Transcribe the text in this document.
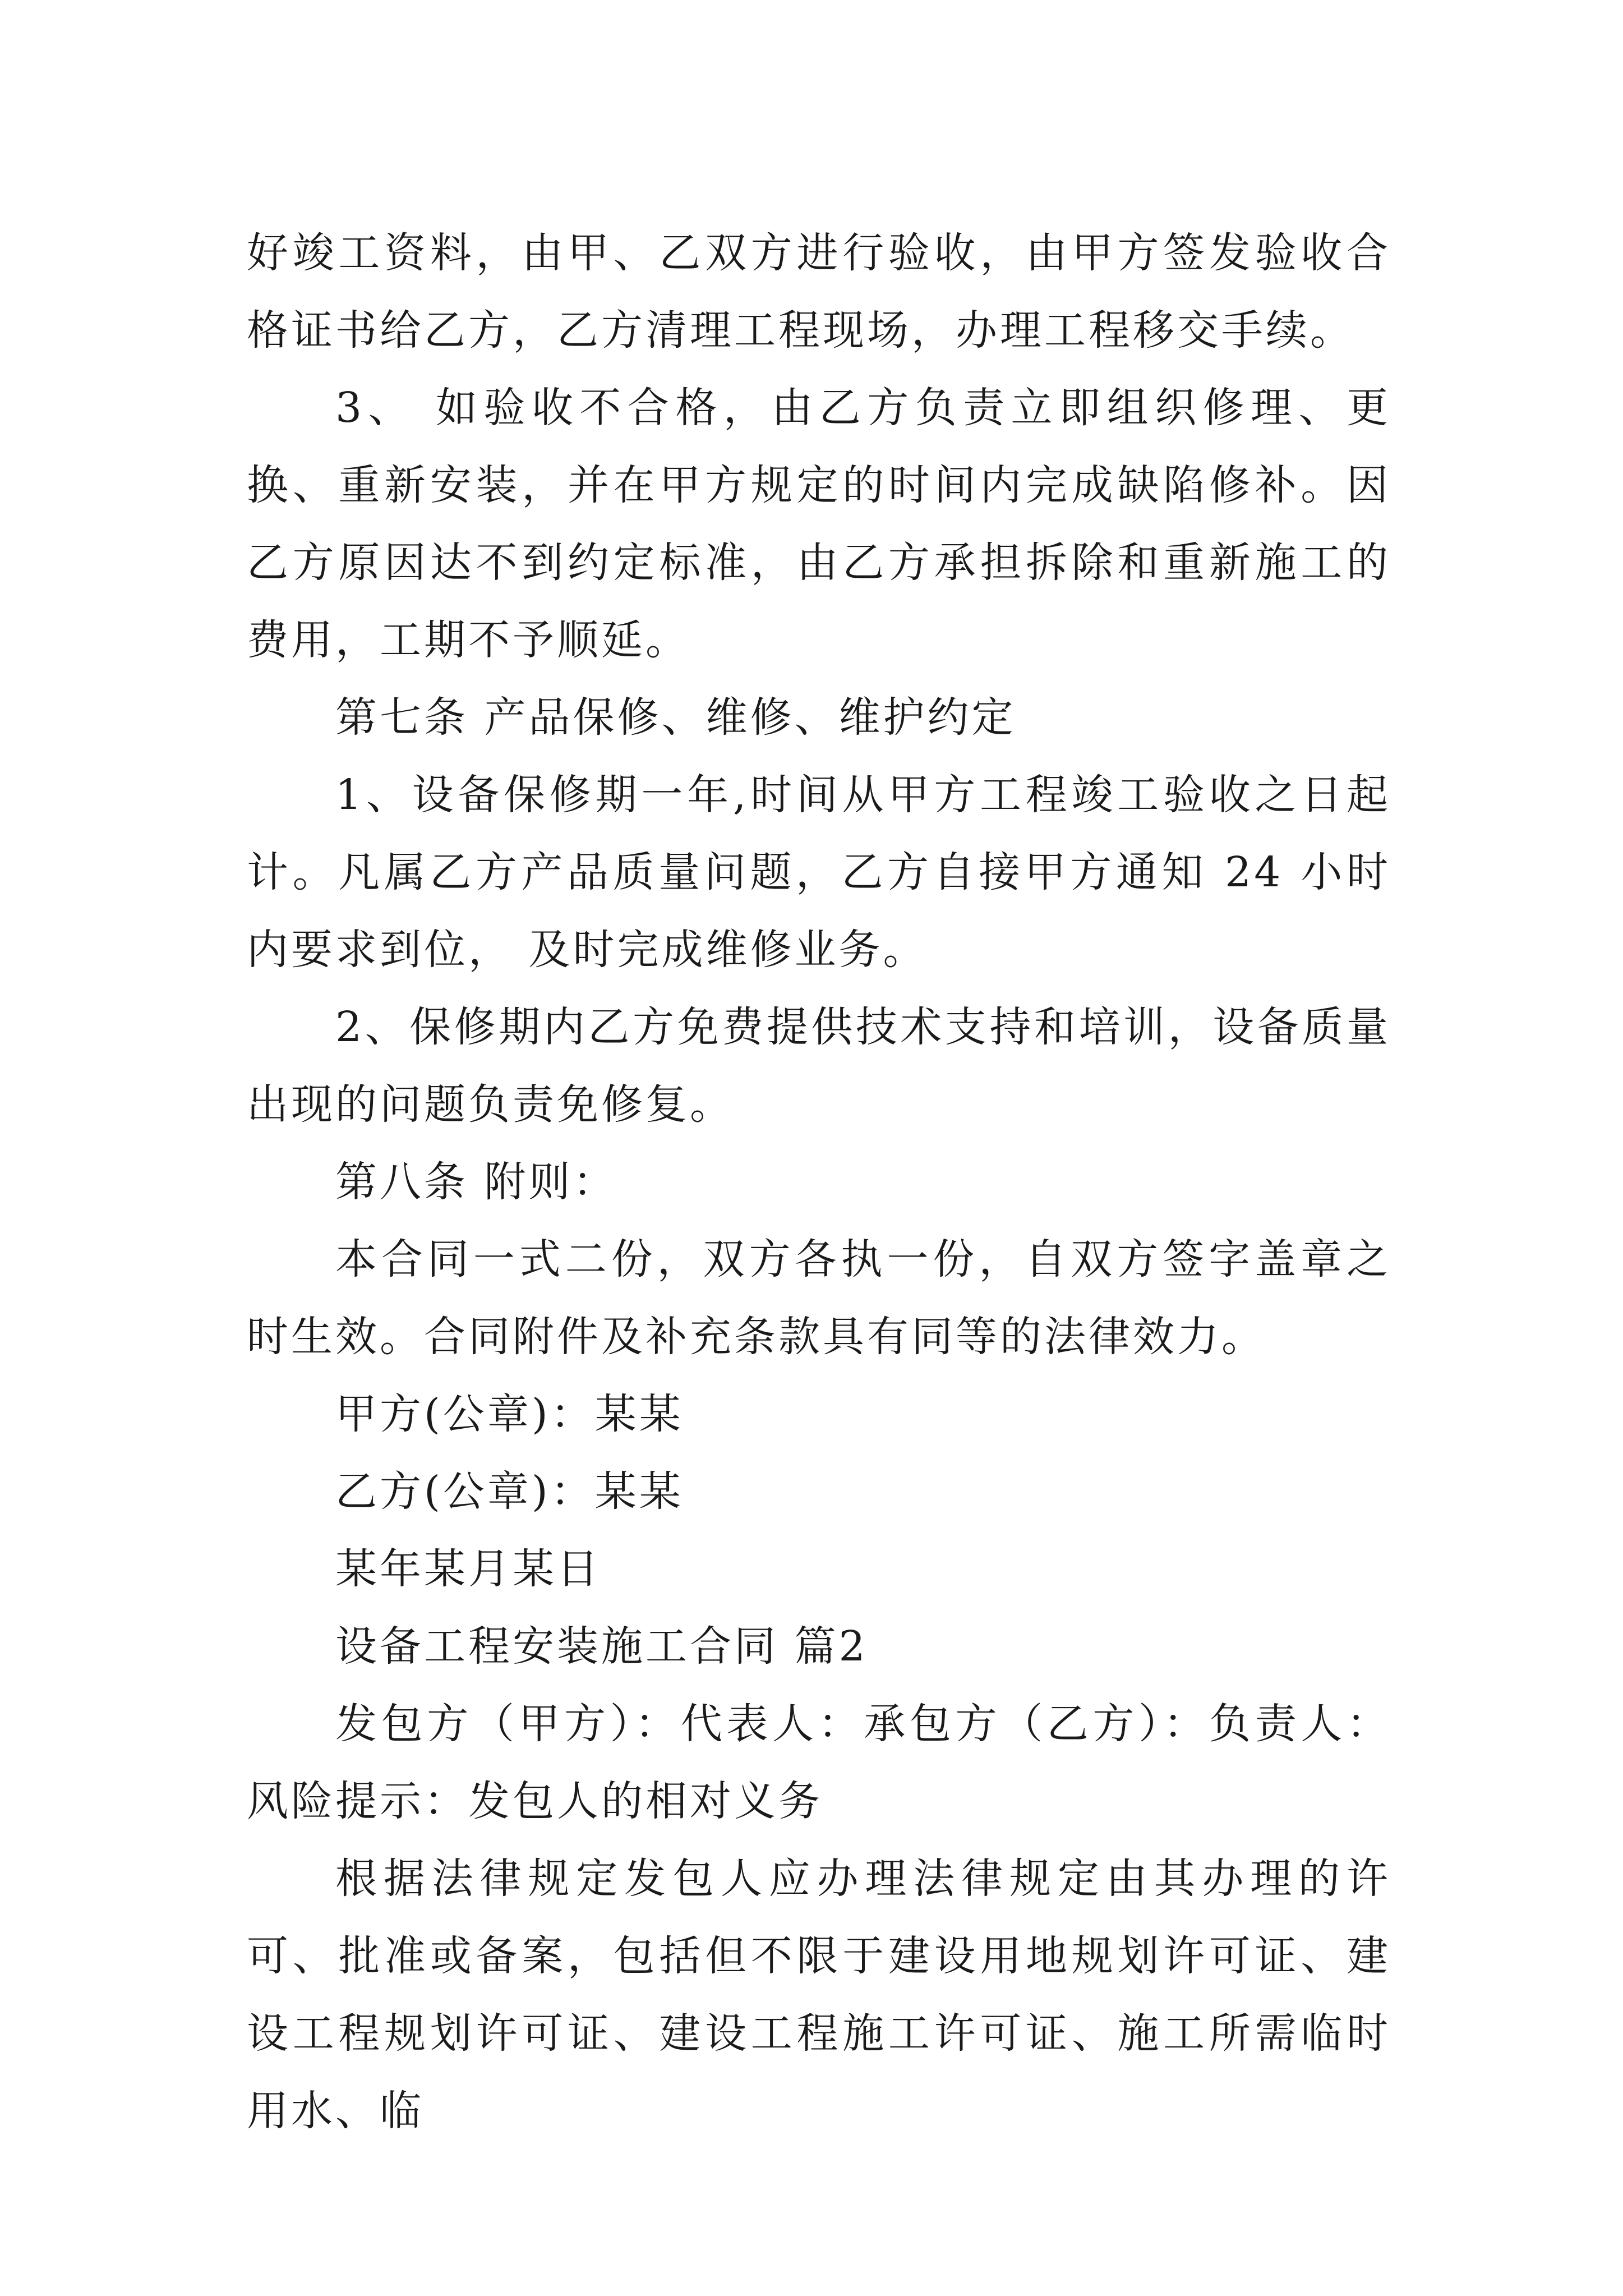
好竣工资料，由甲、乙双方进行验收，由甲方签发验收合格证书给乙方，乙方清理工程现场，办理工程移交手续。

3、 如验收不合格，由乙方负责立即组织修理、更换、重新安装，并在甲方规定的时间内完成缺陷修补。因乙方原因达不到约定标准，由乙方承担拆除和重新施工的费用，工期不予顺延。

第七条 产品保修、维修、维护约定

1、设备保修期一年,时间从甲方工程竣工验收之日起计。凡属乙方产品质量问题，乙方自接甲方通知 24 小时内要求到位， 及时完成维修业务。

2、保修期内乙方免费提供技术支持和培训，设备质量出现的问题负责免修复。

第八条 附则：

本合同一式二份，双方各执一份，自双方签字盖章之时生效。合同附件及补充条款具有同等的法律效力。

甲方(公章)：某某

乙方(公章)：某某

某年某月某日

设备工程安装施工合同 篇2

发包方（甲方）：代表人：承包方（乙方）：负责人：风险提示：发包人的相对义务

根据法律规定发包人应办理法律规定由其办理的许可、批准或备案，包括但不限于建设用地规划许可证、建设工程规划许可证、建设工程施工许可证、施工所需临时用水、临
